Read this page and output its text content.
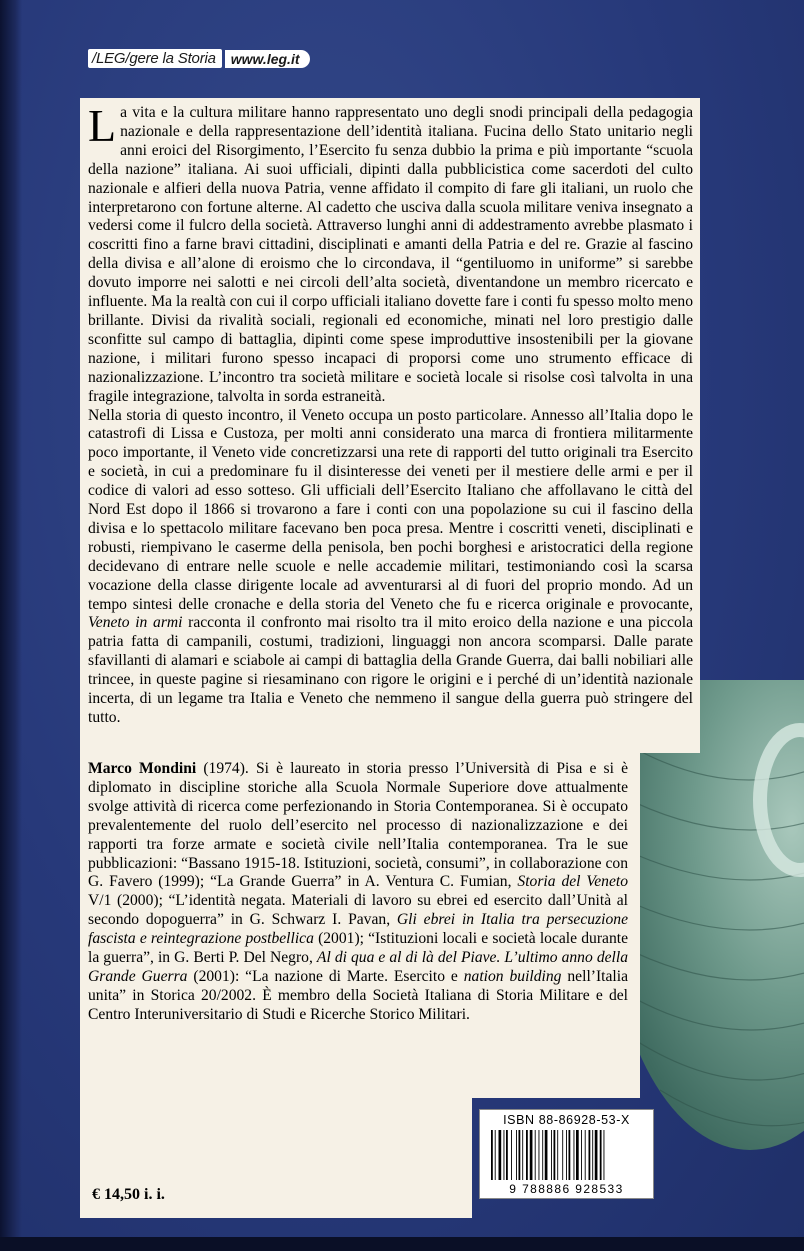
/LEG/gere la Storia	www.leg.it

La vita e la cultura militare hanno rappresentato uno degli snodi principali della pedagogia nazionale e della rappresentazione dell’identità italiana. Fucina dello Stato unitario negli anni eroici del Risorgimento, l’Esercito fu senza dubbio la prima e più importante “scuola della nazione” italiana. Ai suoi ufficiali, dipinti dalla pubblicistica come sacerdoti del culto nazionale e alfieri della nuova Patria, venne affidato il compito di fare gli italiani, un ruolo che interpretarono con fortune alterne. Al cadetto che usciva dalla scuola militare veniva insegnato a vedersi come il fulcro della società. Attraverso lunghi anni di addestramento avrebbe plasmato i coscritti fino a farne bravi cittadini, disciplinati e amanti della Patria e del re. Grazie al fascino della divisa e all’alone di eroismo che lo circondava, il “gentiluomo in uniforme” si sarebbe dovuto imporre nei salotti e nei circoli dell’alta società, diventandone un membro ricercato e influente. Ma la realtà con cui il corpo ufficiali italiano dovette fare i conti fu spesso molto meno brillante. Divisi da rivalità sociali, regionali ed economiche, minati nel loro prestigio dalle sconfitte sul campo di battaglia, dipinti come spese improduttive insostenibili per la giovane nazione, i militari furono spesso incapaci di proporsi come uno strumento efficace di nazionalizzazione. L’incontro tra società militare e società locale si risolse così talvolta in una fragile integrazione, talvolta in sorda estraneità.

Nella storia di questo incontro, il Veneto occupa un posto particolare. Annesso all’Italia dopo le catastrofi di Lissa e Custoza, per molti anni considerato una marca di frontiera militarmente poco importante, il Veneto vide concretizzarsi una rete di rapporti del tutto originali tra Esercito e società, in cui a predominare fu il disinteresse dei veneti per il mestiere delle armi e per il codice di valori ad esso sotteso. Gli ufficiali dell’Esercito Italiano che affollavano le città del Nord Est dopo il 1866 si trovarono a fare i conti con una popolazione su cui il fascino della divisa e lo spettacolo militare facevano ben poca presa. Mentre i coscritti veneti, disciplinati e robusti, riempivano le caserme della penisola, ben pochi borghesi e aristocratici della regione decidevano di entrare nelle scuole e nelle accademie militari, testimoniando così la scarsa vocazione della classe dirigente locale ad avventurarsi al di fuori del proprio mondo. Ad un tempo sintesi delle cronache e della storia del Veneto che fu e ricerca originale e provocante, Veneto in armi racconta il confronto mai risolto tra il mito eroico della nazione e una piccola patria fatta di campanili, costumi, tradizioni, linguaggi non ancora scomparsi. Dalle parate sfavillanti di alamari e sciabole ai campi di battaglia della Grande Guerra, dai balli nobiliari alle trincee, in queste pagine si riesaminano con rigore le origini e i perché di un’identità nazionale incerta, di un legame tra Italia e Veneto che nemmeno il sangue della guerra può stringere del tutto.

Marco Mondini (1974). Si è laureato in storia presso l’Università di Pisa e si è diplomato in discipline storiche alla Scuola Normale Superiore dove attualmente svolge attività di ricerca come perfezionando in Storia Contemporanea. Si è occupato prevalentemente del ruolo dell’esercito nel processo di nazionalizzazione e dei rapporti tra forze armate e società civile nell’Italia contemporanea. Tra le sue pubblicazioni: “Bassano 1915-18. Istituzioni, società, consumi”, in collaborazione con G. Favero (1999); “La Grande Guerra” in A. Ventura C. Fumian, Storia del Veneto V/1 (2000); “L’identità negata. Materiali di lavoro su ebrei ed esercito dall’Unità al secondo dopoguerra” in G. Schwarz I. Pavan, Gli ebrei in Italia tra persecuzione fascista e reintegrazione postbellica (2001); “Istituzioni locali e società locale durante la guerra”, in G. Berti P. Del Negro, Al di qua e al di là del Piave. L’ultimo anno della Grande Guerra (2001): “La nazione di Marte. Esercito e nation building nell’Italia unita” in Storica 20/2002. È membro della Società Italiana di Storia Militare e del Centro Interuniversitario di Studi e Ricerche Storico Militari.

€ 14,50 i. i.
ISBN 88-86928-53-X
9 788886 928533
